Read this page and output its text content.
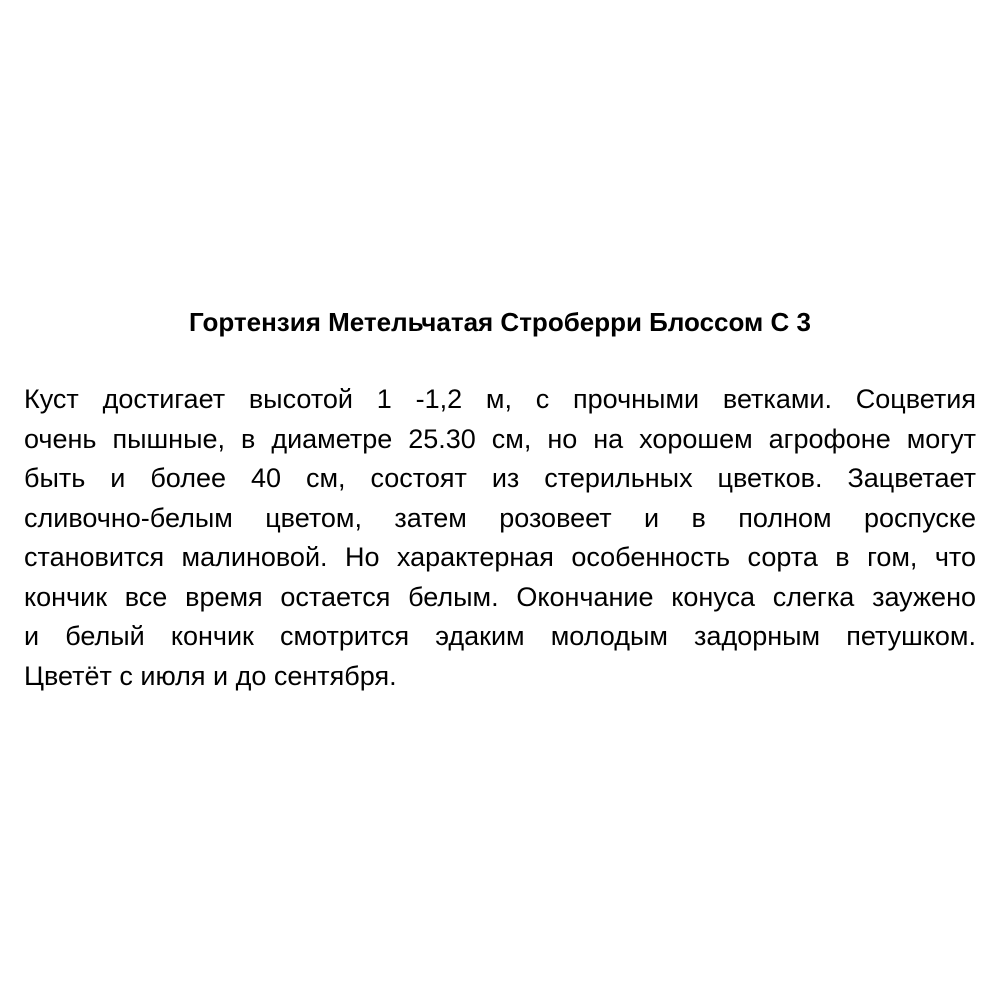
Гортензия Метельчатая Строберри Блоссом С 3
Куст достигает высотой 1 -1,2 м, с прочными ветками. Соцветия
очень пышные, в диаметре 25.30 см, но на хорошем агрофоне могут
быть и более 40 см, состоят из стерильных цветков. Зацветает
сливочно-белым цветом, затем розовеет и в полном роспуске
становится малиновой. Но характерная особенность сорта в гом, что
кончик все время остается белым. Окончание конуса слегка заужено
и белый кончик смотрится эдаким молодым задорным петушком.
Цветёт с июля и до сентября.
